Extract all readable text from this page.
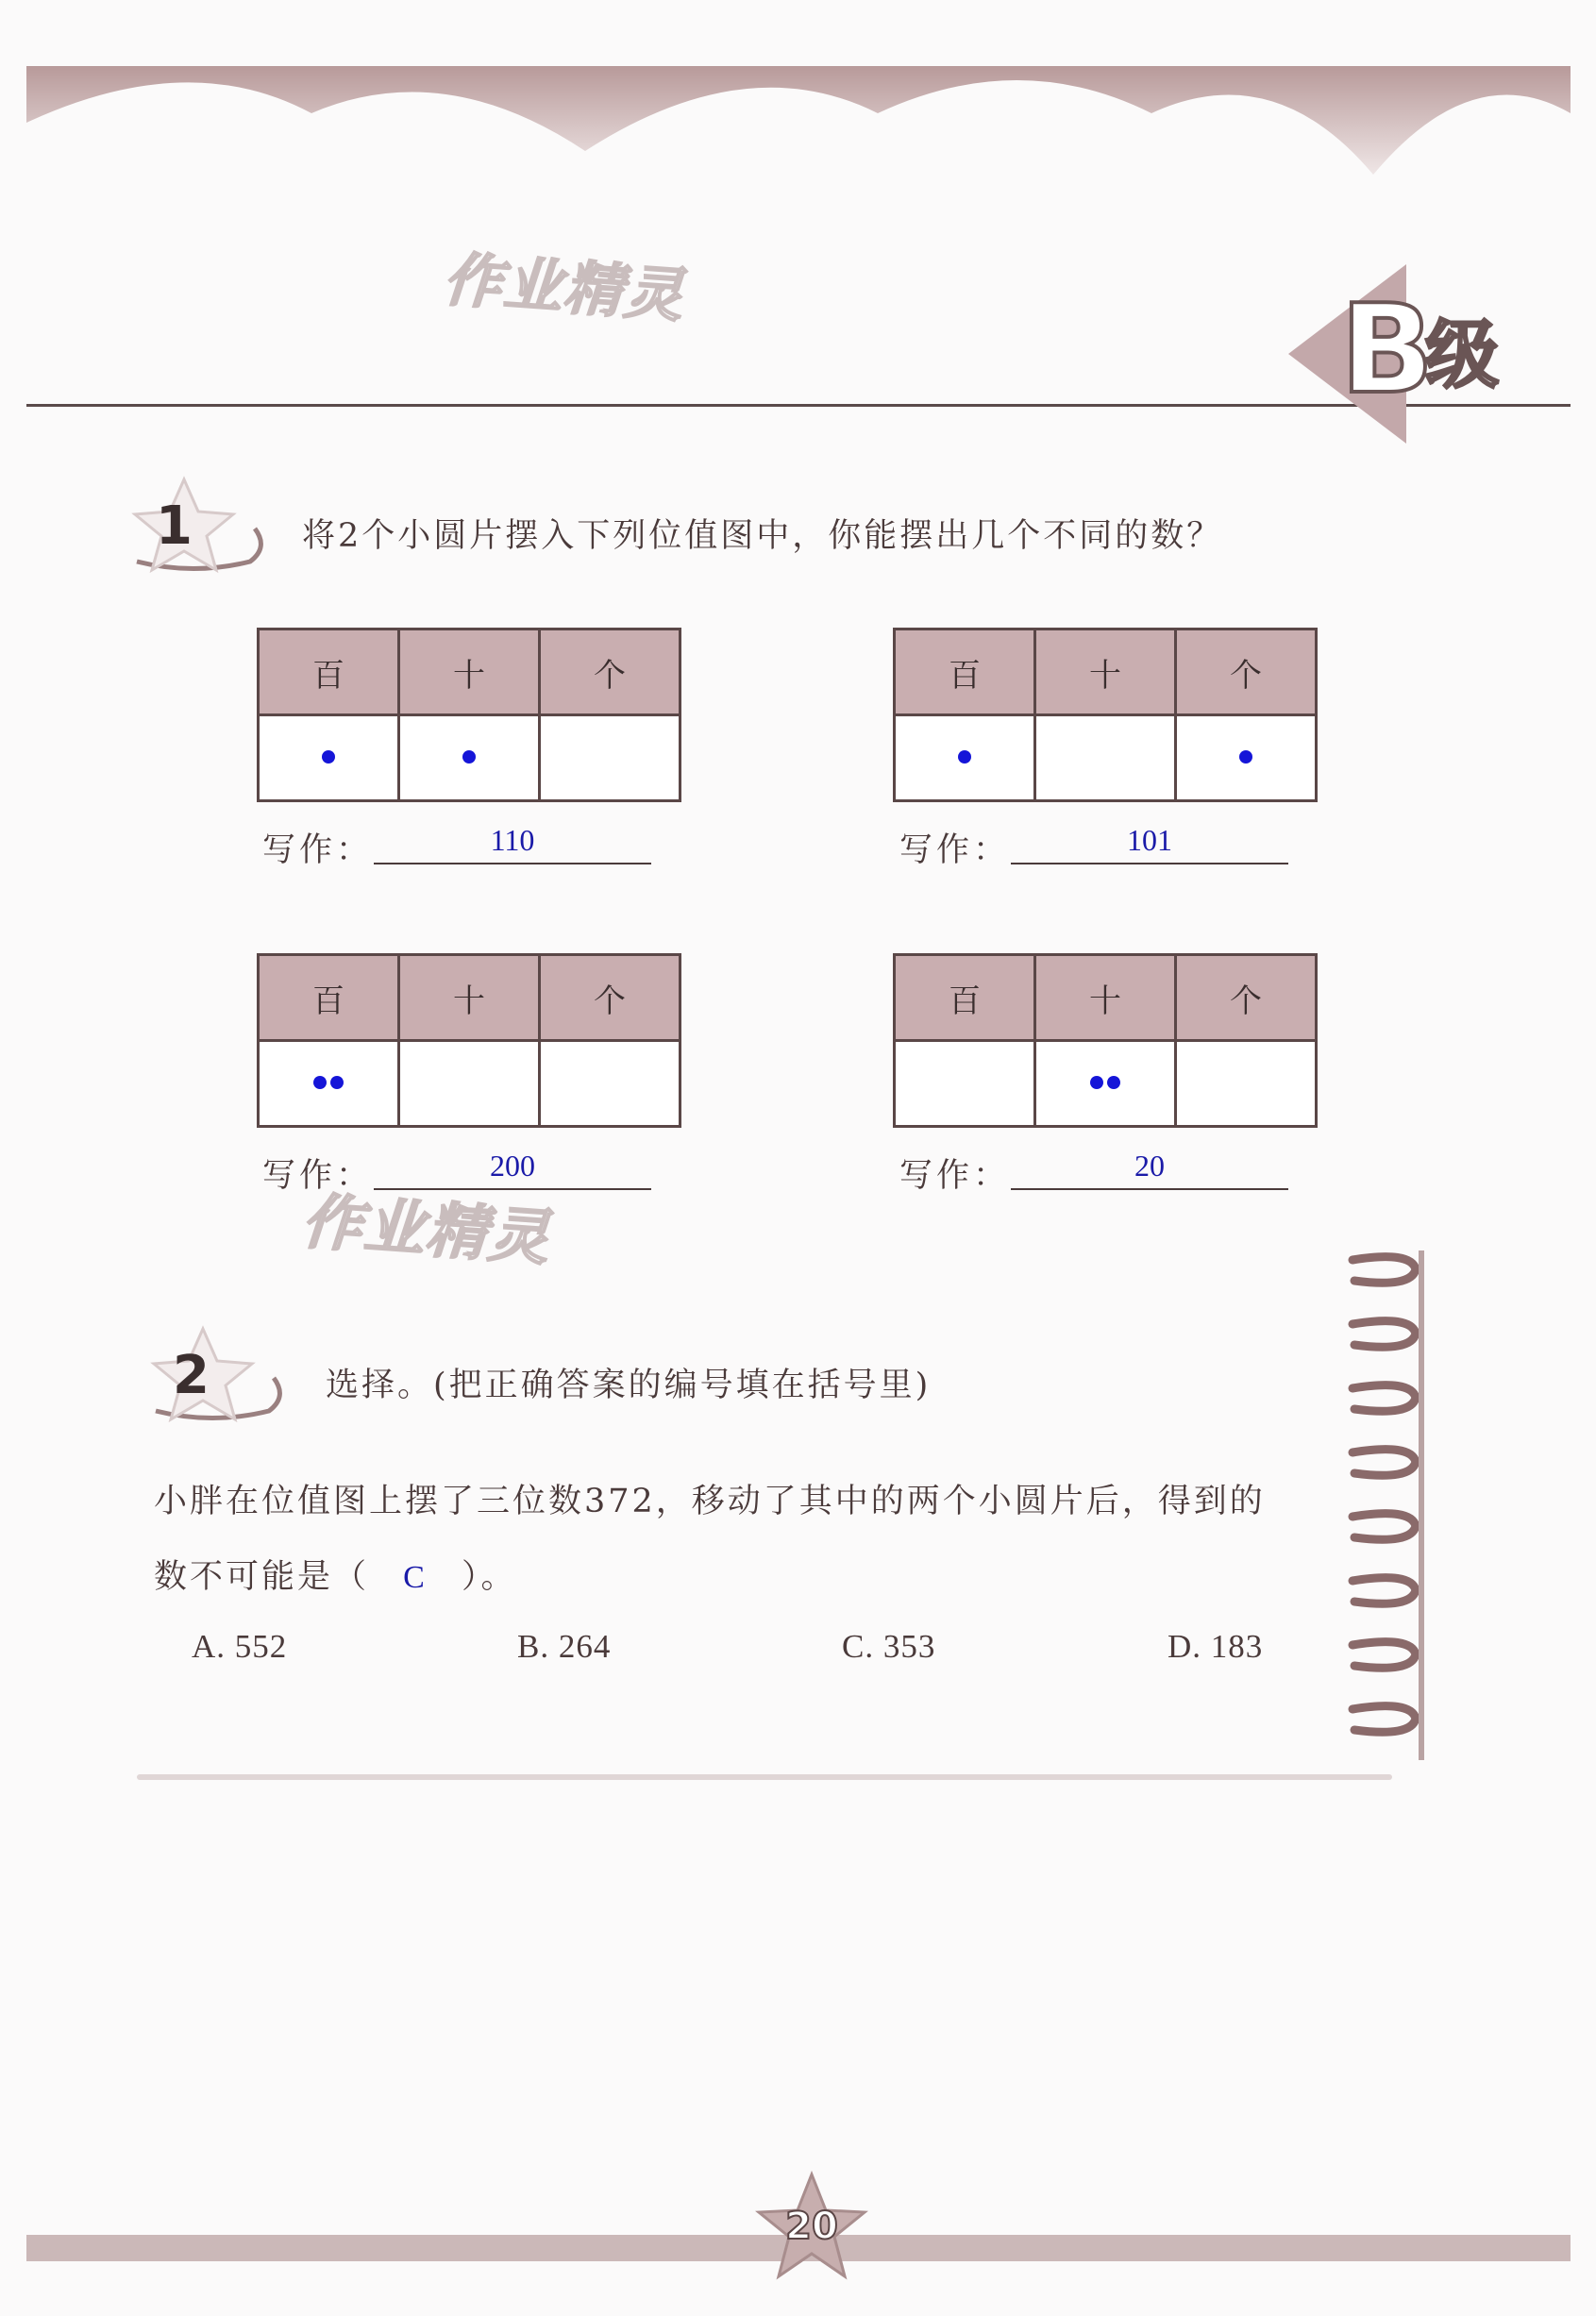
作业精灵	B
级
1	将2个小圆片摆入下列位值图中，你能摆出几个不同的数？
百	十	个

写作：	110
百	十	个

写作：	101
百	十	个

写作：	200
百	十	个

写作：	20
作业精灵
2	选择。(把正确答案的编号填在括号里)
小胖在位值图上摆了三位数372，移动了其中的两个小圆片后，得到的
数不可能是（ C ）。
A. 552	B. 264	C. 353	D. 183
20
